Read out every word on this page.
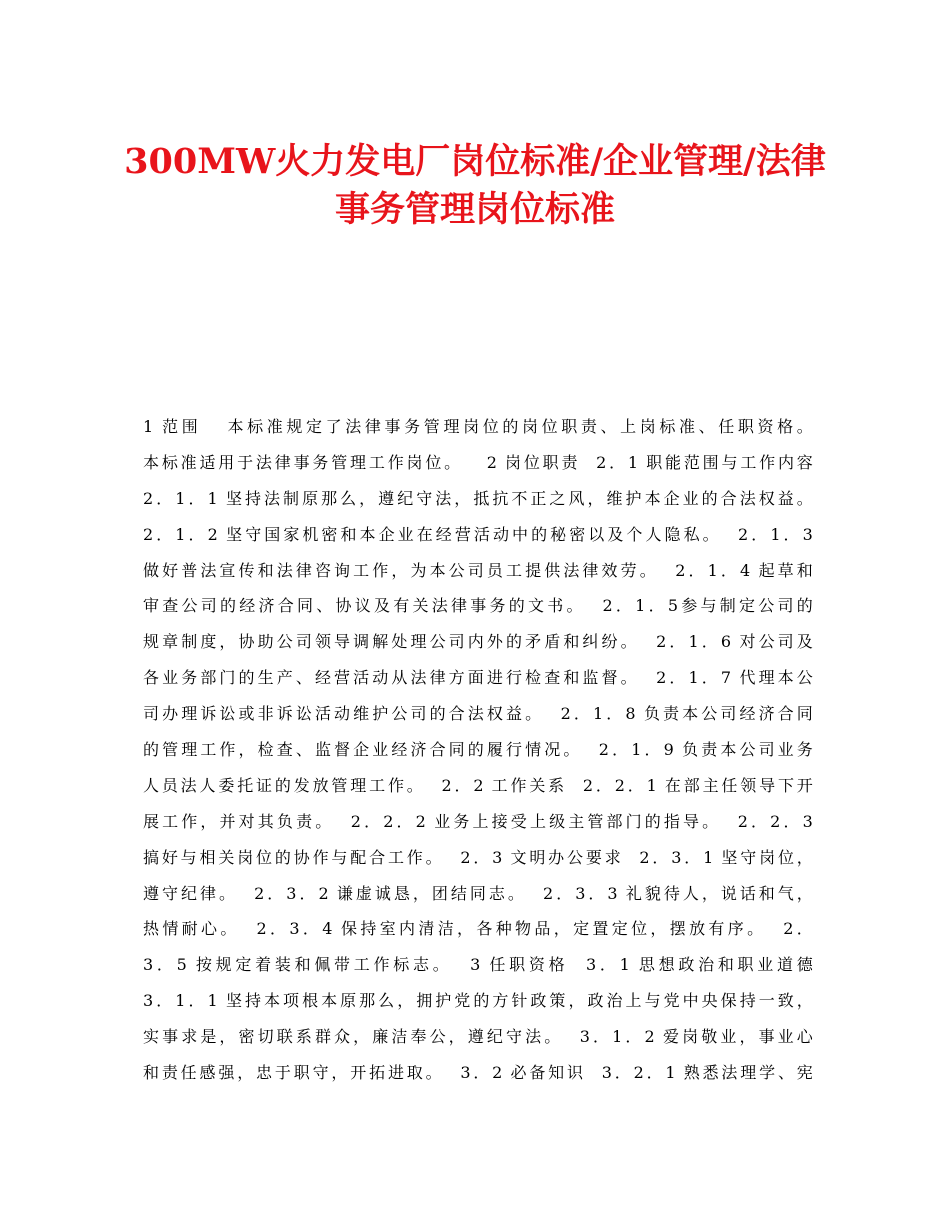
300MW火力发电厂岗位标准/企业管理/法律
事务管理岗位标准
1 范围   本标准规定了法律事务管理岗位的岗位职责、上岗标准、任职资格。
本标准适用于法律事务管理工作岗位。   2 岗位职责  2．1 职能范围与工作内容
2．1．1 坚持法制原那么，遵纪守法，抵抗不正之风，维护本企业的合法权益。
2．1．2 坚守国家机密和本企业在经营活动中的秘密以及个人隐私。  2．1．3
做好普法宣传和法律咨询工作，为本公司员工提供法律效劳。  2．1．4 起草和
审查公司的经济合同、协议及有关法律事务的文书。  2．1．5参与制定公司的
规章制度，协助公司领导调解处理公司内外的矛盾和纠纷。  2．1．6 对公司及
各业务部门的生产、经营活动从法律方面进行检查和监督。  2．1．7 代理本公
司办理诉讼或非诉讼活动维护公司的合法权益。  2．1．8 负责本公司经济合同
的管理工作，检查、监督企业经济合同的履行情况。  2．1．9 负责本公司业务
人员法人委托证的发放管理工作。  2．2 工作关系  2．2．1 在部主任领导下开
展工作，并对其负责。  2．2．2 业务上接受上级主管部门的指导。  2．2．3
搞好与相关岗位的协作与配合工作。  2．3 文明办公要求  2．3．1 坚守岗位，
遵守纪律。  2．3．2 谦虚诚恳，团结同志。  2．3．3 礼貌待人，说话和气，
热情耐心。  2．3．4 保持室内清洁，各种物品，定置定位，摆放有序。  2．
3．5 按规定着装和佩带工作标志。  3 任职资格  3．1 思想政治和职业道德
3．1．1 坚持本项根本原那么，拥护党的方针政策，政治上与党中央保持一致，
实事求是，密切联系群众，廉洁奉公，遵纪守法。  3．1．2 爱岗敬业，事业心
和责任感强，忠于职守，开拓进取。  3．2 必备知识  3．2．1 熟悉法理学、宪
